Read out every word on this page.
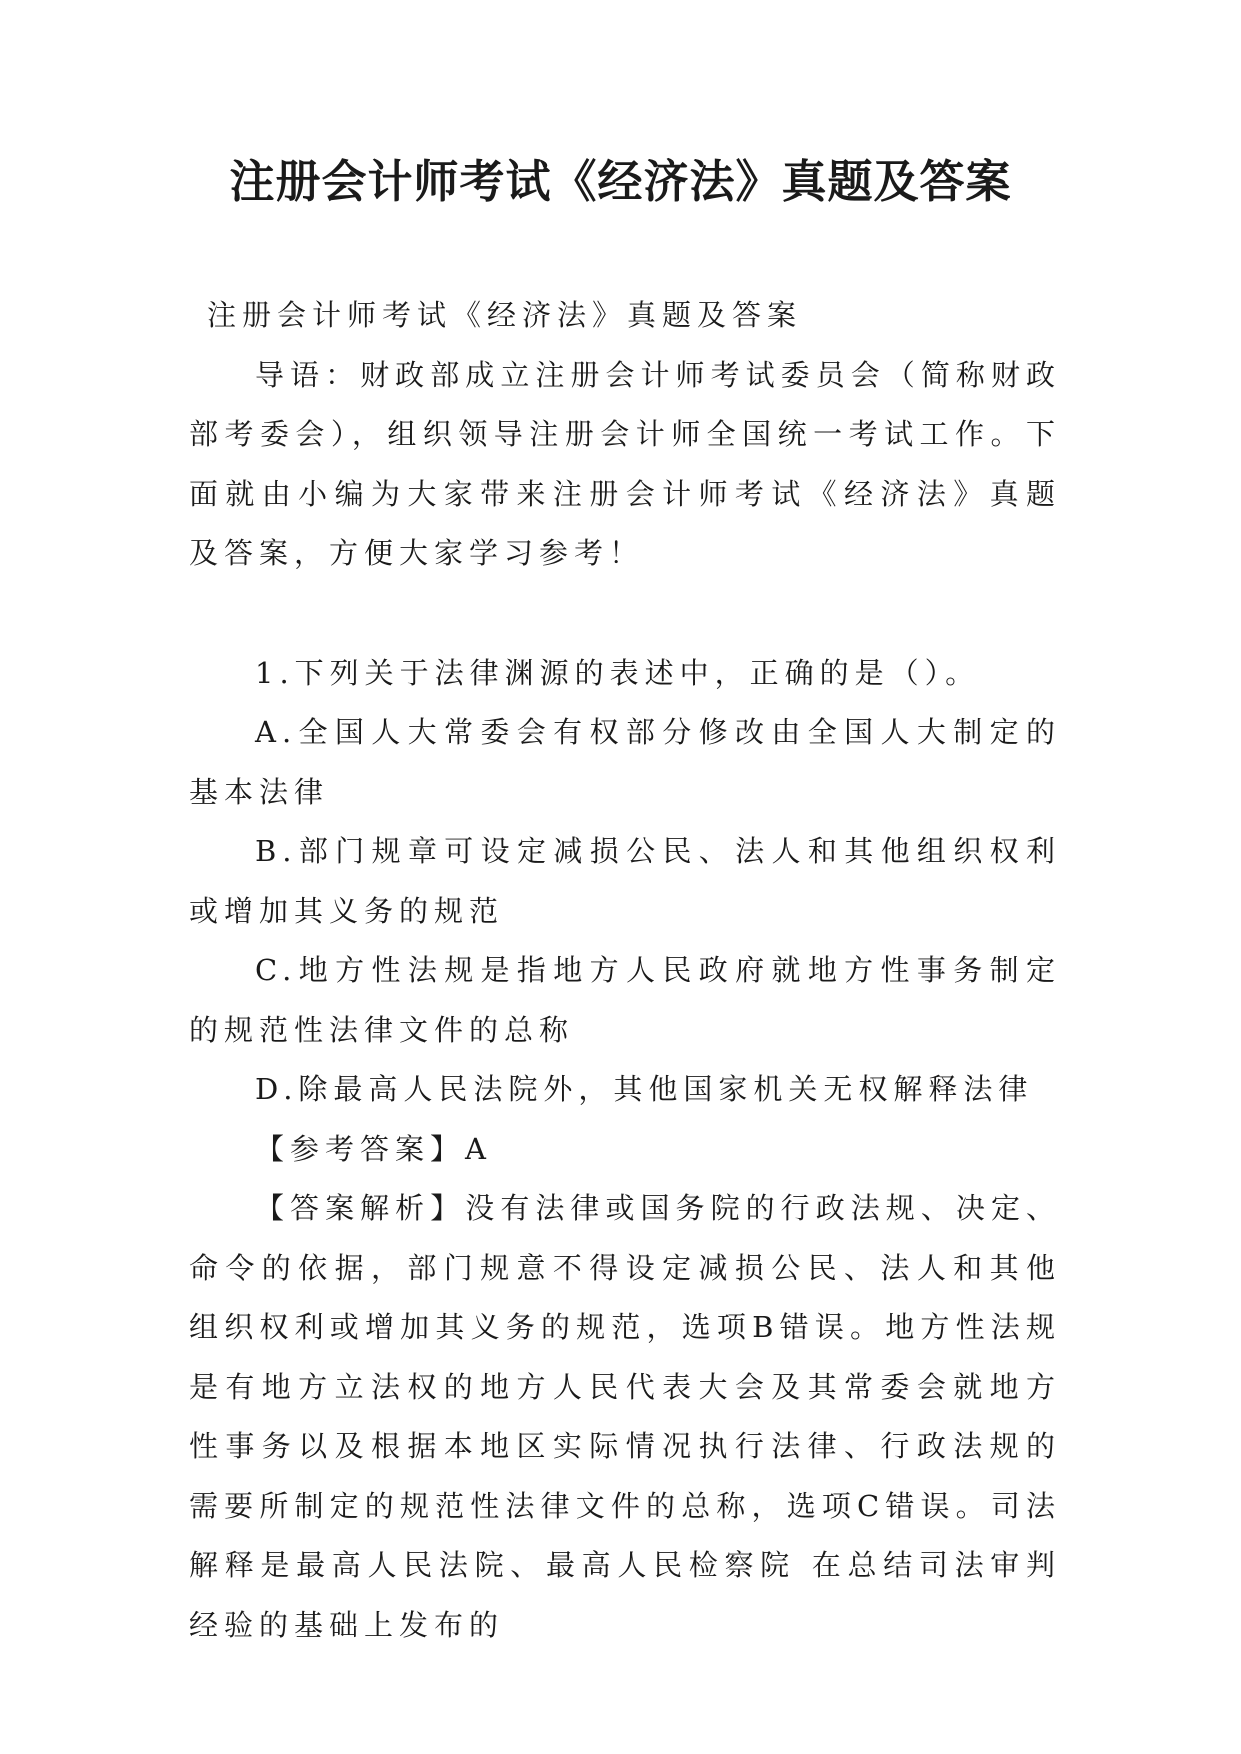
注册会计师考试《经济法》真题及答案

注册会计师考试《经济法》真题及答案

导语：财政部成立注册会计师考试委员会（简称财政部考委会），组织领导注册会计师全国统一考试工作。下面就由小编为大家带来注册会计师考试《经济法》真题及答案，方便大家学习参考！

1.下列关于法律渊源的表述中，正确的是（）。

A.全国人大常委会有权部分修改由全国人大制定的基本法律

B.部门规章可设定减损公民、法人和其他组织权利或增加其义务的规范

C.地方性法规是指地方人民政府就地方性事务制定的规范性法律文件的总称

D.除最高人民法院外，其他国家机关无权解释法律

【参考答案】A

【答案解析】没有法律或国务院的行政法规、决定、命令的依据，部门规意不得设定减损公民、法人和其他组织权利或增加其义务的规范，选项B错误。地方性法规是有地方立法权的地方人民代表大会及其常委会就地方性事务以及根据本地区实际情况执行法律、行政法规的需要所制定的规范性法律文件的总称，选项C错误。司法解释是最高人民法院、最高人民检察院 在总结司法审判经验的基础上发布的
